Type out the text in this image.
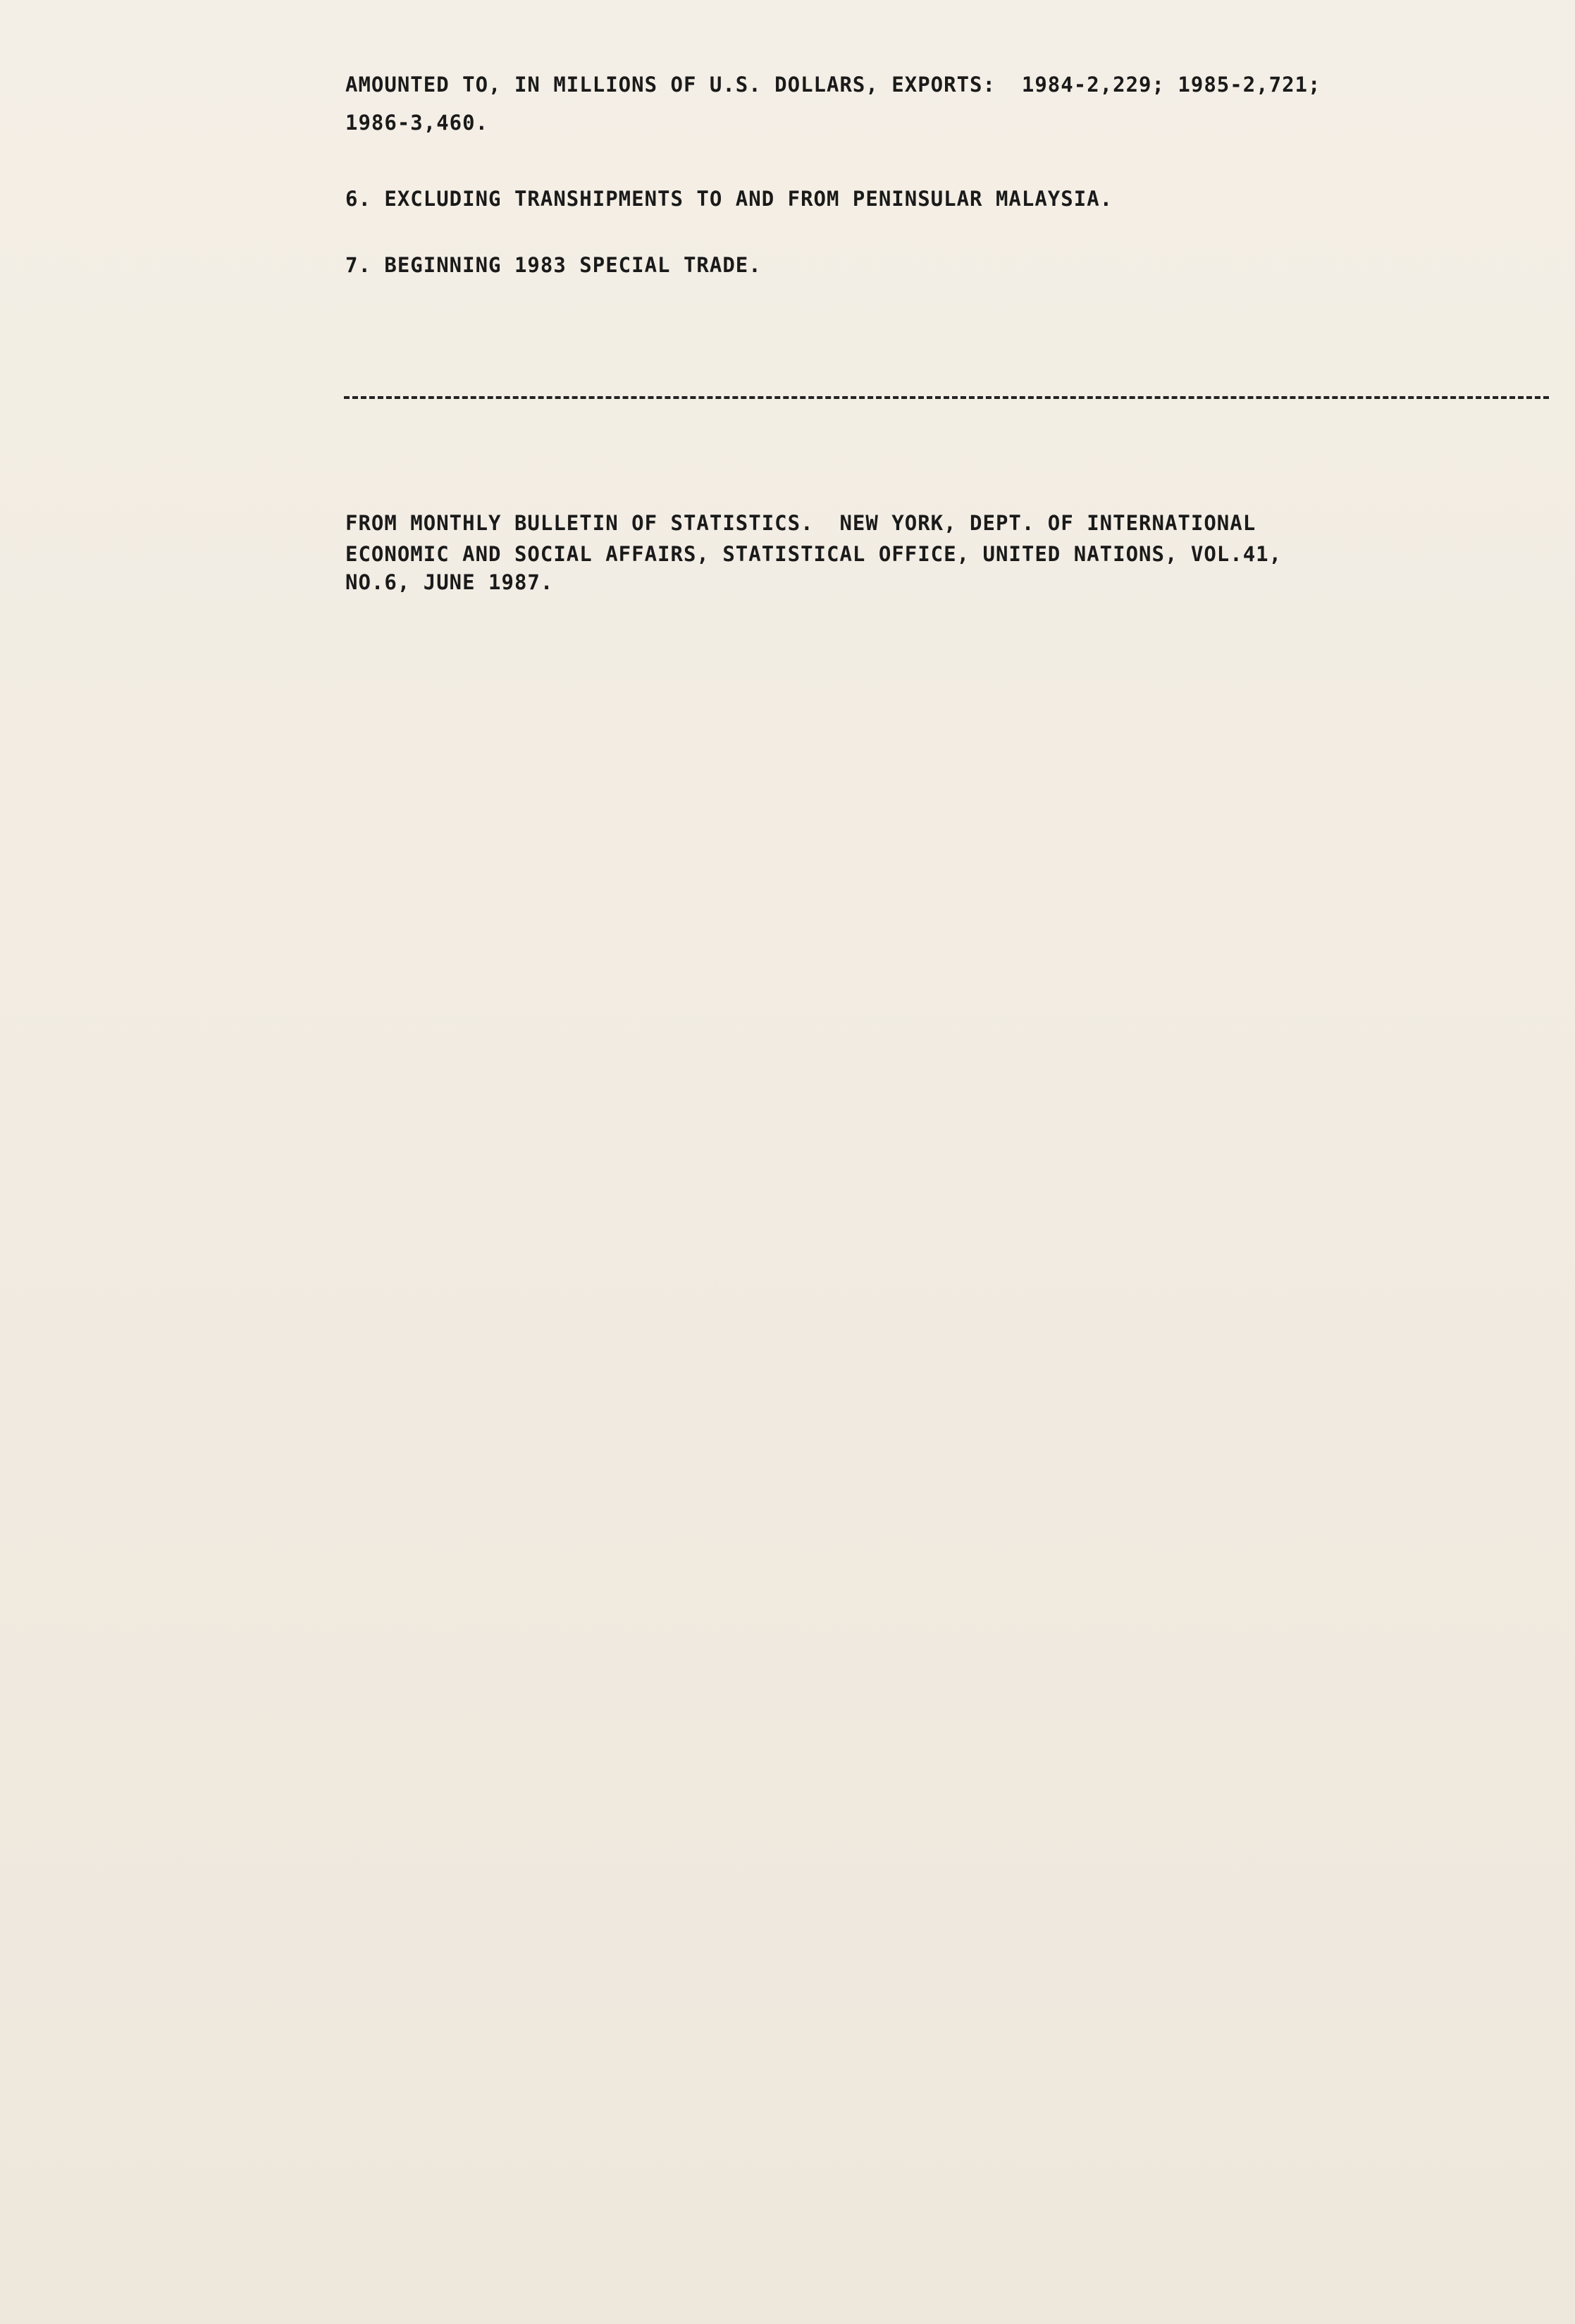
AMOUNTED TO, IN MILLIONS OF U.S. DOLLARS, EXPORTS:  1984-2,229; 1985-2,721;
1986-3,460.
6. EXCLUDING TRANSHIPMENTS TO AND FROM PENINSULAR MALAYSIA.
7. BEGINNING 1983 SPECIAL TRADE.
FROM MONTHLY BULLETIN OF STATISTICS.  NEW YORK, DEPT. OF INTERNATIONAL
ECONOMIC AND SOCIAL AFFAIRS, STATISTICAL OFFICE, UNITED NATIONS, VOL.41,
NO.6, JUNE 1987.
